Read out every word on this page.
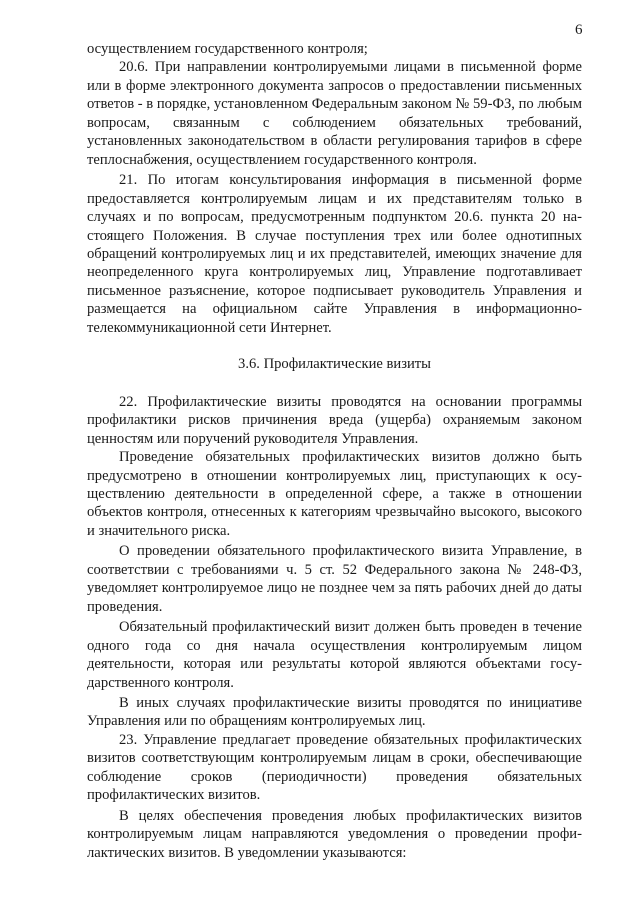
6

осуществлением государственного контроля;

20.6. При направлении контролируемыми лицами в письменной форме или в форме электронного документа запросов о предоставлении письменных ответов - в порядке, установленном Федеральным законом № 59-ФЗ, по любым вопросам, связанным с соблюдением обязательных требований, установленных законодательством в области регулирования тарифов в сфере теплоснабжения, осуществлением государственного контроля.

21. По итогам консультирования информация в письменной форме предоставляется контролируемым лицам и их представителям только в случаях и по вопросам, предусмотренным подпунктом 20.6. пункта 20 настоящего Положения. В случае поступления трех или более однотипных обращений контролируемых лиц и их представителей, имеющих значение для неопределенного круга контролируемых лиц, Управление подготавливает письменное разъяснение, которое подписывает руководитель Управления и размещается на официальном сайте Управления в информационно-телекоммуникационной сети Интернет.

3.6. Профилактические визиты

22. Профилактические визиты проводятся на основании программы профилактики рисков причинения вреда (ущерба) охраняемым законом ценностям или поручений руководителя Управления.

Проведение обязательных профилактических визитов должно быть предусмотрено в отношении контролируемых лиц, приступающих к осуществлению деятельности в определенной сфере, а также в отношении объектов контроля, отнесенных к категориям чрезвычайно высокого, высокого и значительного риска.

О проведении обязательного профилактического визита Управление, в соответствии с требованиями ч. 5 ст. 52 Федерального закона № 248-ФЗ, уведомляет контролируемое лицо не позднее чем за пять рабочих дней до даты проведения.

Обязательный профилактический визит должен быть проведен в течение одного года со дня начала осуществления контролируемым лицом деятельности, которая или результаты которой являются объектами государственного контроля.

В иных случаях профилактические визиты проводятся по инициативе Управления или по обращениям контролируемых лиц.

23. Управление предлагает проведение обязательных профилактических визитов соответствующим контролируемым лицам в сроки, обеспечивающие соблюдение сроков (периодичности) проведения обязательных профилактических визитов.

В целях обеспечения проведения любых профилактических визитов контролируемым лицам направляются уведомления о проведении профилактических визитов. В уведомлении указываются:
